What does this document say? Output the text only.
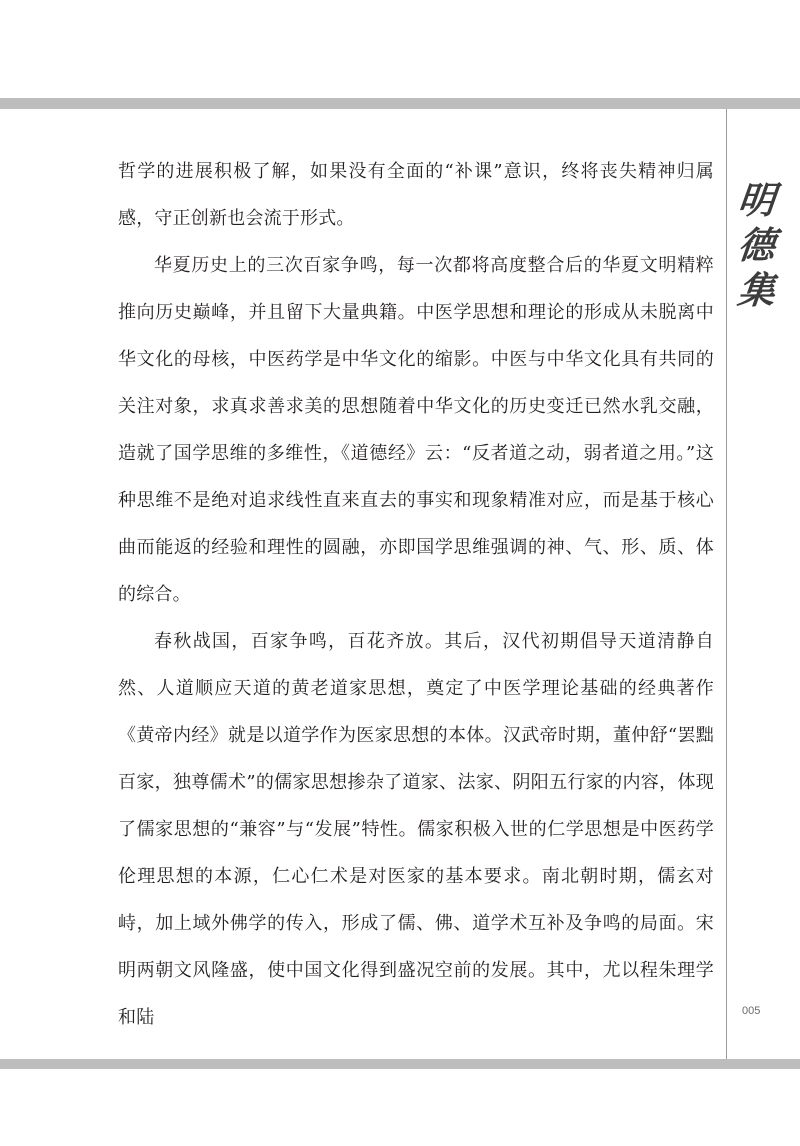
明
德
集
005

哲学的进展积极了解，如果没有全面的“补课”意识，终将丧失精神归属感，守正创新也会流于形式。

华夏历史上的三次百家争鸣，每一次都将高度整合后的华夏文明精粹推向历史巅峰，并且留下大量典籍。中医学思想和理论的形成从未脱离中华文化的母核，中医药学是中华文化的缩影。中医与中华文化具有共同的关注对象，求真求善求美的思想随着中华文化的历史变迁已然水乳交融，造就了国学思维的多维性，《道德经》云：“反者道之动，弱者道之用。”这种思维不是绝对追求线性直来直去的事实和现象精准对应，而是基于核心曲而能返的经验和理性的圆融，亦即国学思维强调的神、气、形、质、体的综合。

春秋战国，百家争鸣，百花齐放。其后，汉代初期倡导天道清静自然、人道顺应天道的黄老道家思想，奠定了中医学理论基础的经典著作《黄帝内经》就是以道学作为医家思想的本体。汉武帝时期，董仲舒“罢黜百家，独尊儒术”的儒家思想掺杂了道家、法家、阴阳五行家的内容，体现了儒家思想的“兼容”与“发展”特性。儒家积极入世的仁学思想是中医药学伦理思想的本源，仁心仁术是对医家的基本要求。南北朝时期，儒玄对峙，加上域外佛学的传入，形成了儒、佛、道学术互补及争鸣的局面。宋明两朝文风隆盛，使中国文化得到盛况空前的发展。其中，尤以程朱理学和陆
